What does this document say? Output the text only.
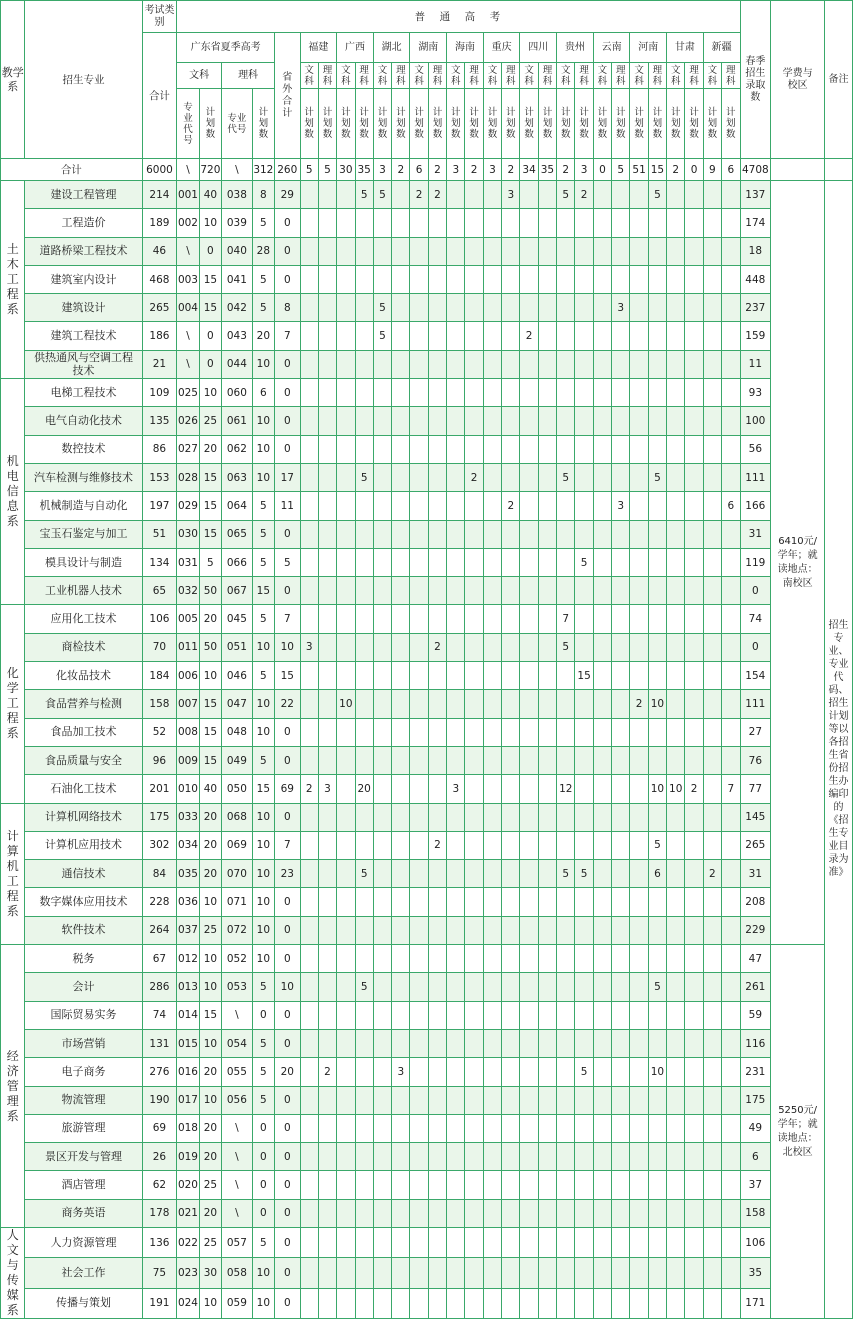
教学系	招生专业	考试类别	普　通　高　考																													春季招生录取数	学费与校区	备注
		合计	广东省夏季高考				省外合计	福建		广西		湖北		湖南		海南		重庆		四川		贵州		云南		河南		甘肃		新疆				
			文科		理科			文科	理科	文科	理科	文科	理科	文科	理科	文科	理科	文科	理科	文科	理科	文科	理科	文科	理科	文科	理科	文科	理科	文科	理科			
			专业代号	计划数	专业代号	计划数		计划数	计划数	计划数	计划数	计划数	计划数	计划数	计划数	计划数	计划数	计划数	计划数	计划数	计划数	计划数	计划数	计划数	计划数	计划数	计划数	计划数	计划数	计划数	计划数			
合计		6000	\	720	\	312	260	5	5	30	35	3	2	6	2	3	2	3	2	34	35	2	3	0	5	51	15	2	0	9	6	4708		
土木工程系	建设工程管理	214	001	40	038	8	29				5	5		2	2				3			5	2				5					137	6410元/学年；就读地点：南校区	招生专业、专业代码、招生计划等以各招生省份招生办编印的《招生专业目录为准》
	工程造价	189	002	10	039	5	0																									174		
	道路桥梁工程技术	46	\	0	040	28	0																									18		
	建筑室内设计	468	003	15	041	5	0																									448		
	建筑设计	265	004	15	042	5	8					5													3							237		
	建筑工程技术	186	\	0	043	20	7					5								2												159		
	供热通风与空调工程技术	21	\	0	044	10	0																									11		
机电信息系	电梯工程技术	109	025	10	060	6	0																									93		
	电气自动化技术	135	026	25	061	10	0																									100		
	数控技术	86	027	20	062	10	0																									56		
	汽车检测与维修技术	153	028	15	063	10	17				5						2					5					5					111		
	机械制造与自动化	197	029	15	064	5	11												2						3						6	166		
	宝玉石鉴定与加工	51	030	15	065	5	0																									31		
	模具设计与制造	134	031	5	066	5	5																5									119		
	工业机器人技术	65	032	50	067	15	0																									0		
化学工程系	应用化工技术	106	005	20	045	5	7															7										74		
	商检技术	70	011	50	051	10	10	3							2							5										0		
	化妆品技术	184	006	10	046	5	15																15									154		
	食品营养与检测	158	007	15	047	10	22			10																2	10					111		
	食品加工技术	52	008	15	048	10	0																									27		
	食品质量与安全	96	009	15	049	5	0																									76		
	石油化工技术	201	010	40	050	15	69	2	3		20					3						12					10	10	2		7	77		
计算机工程系	计算机网络技术	175	033	20	068	10	0																									145		
	计算机应用技术	302	034	20	069	10	7								2												5					265		
	通信技术	84	035	20	070	10	23				5											5	5				6			2		31		
	数字媒体应用技术	228	036	10	071	10	0																									208		
	软件技术	264	037	25	072	10	0																									229		
经济管理系	税务	67	012	10	052	10	0																									47	5250元/学年；就读地点：北校区	
	会计	286	013	10	053	5	10				5																5					261		
	国际贸易实务	74	014	15	\	0	0																									59		
	市场营销	131	015	10	054	5	0																									116		
	电子商务	276	016	20	055	5	20		2				3										5				10					231		
	物流管理	190	017	10	056	5	0																									175		
	旅游管理	69	018	20	\	0	0																									49		
	景区开发与管理	26	019	20	\	0	0																									6		
	酒店管理	62	020	25	\	0	0																									37		
	商务英语	178	021	20	\	0	0																									158		
人文与传媒系	人力资源管理	136	022	25	057	5	0																									106		
	社会工作	75	023	30	058	10	0																									35		
	传播与策划	191	024	10	059	10	0																									171		
